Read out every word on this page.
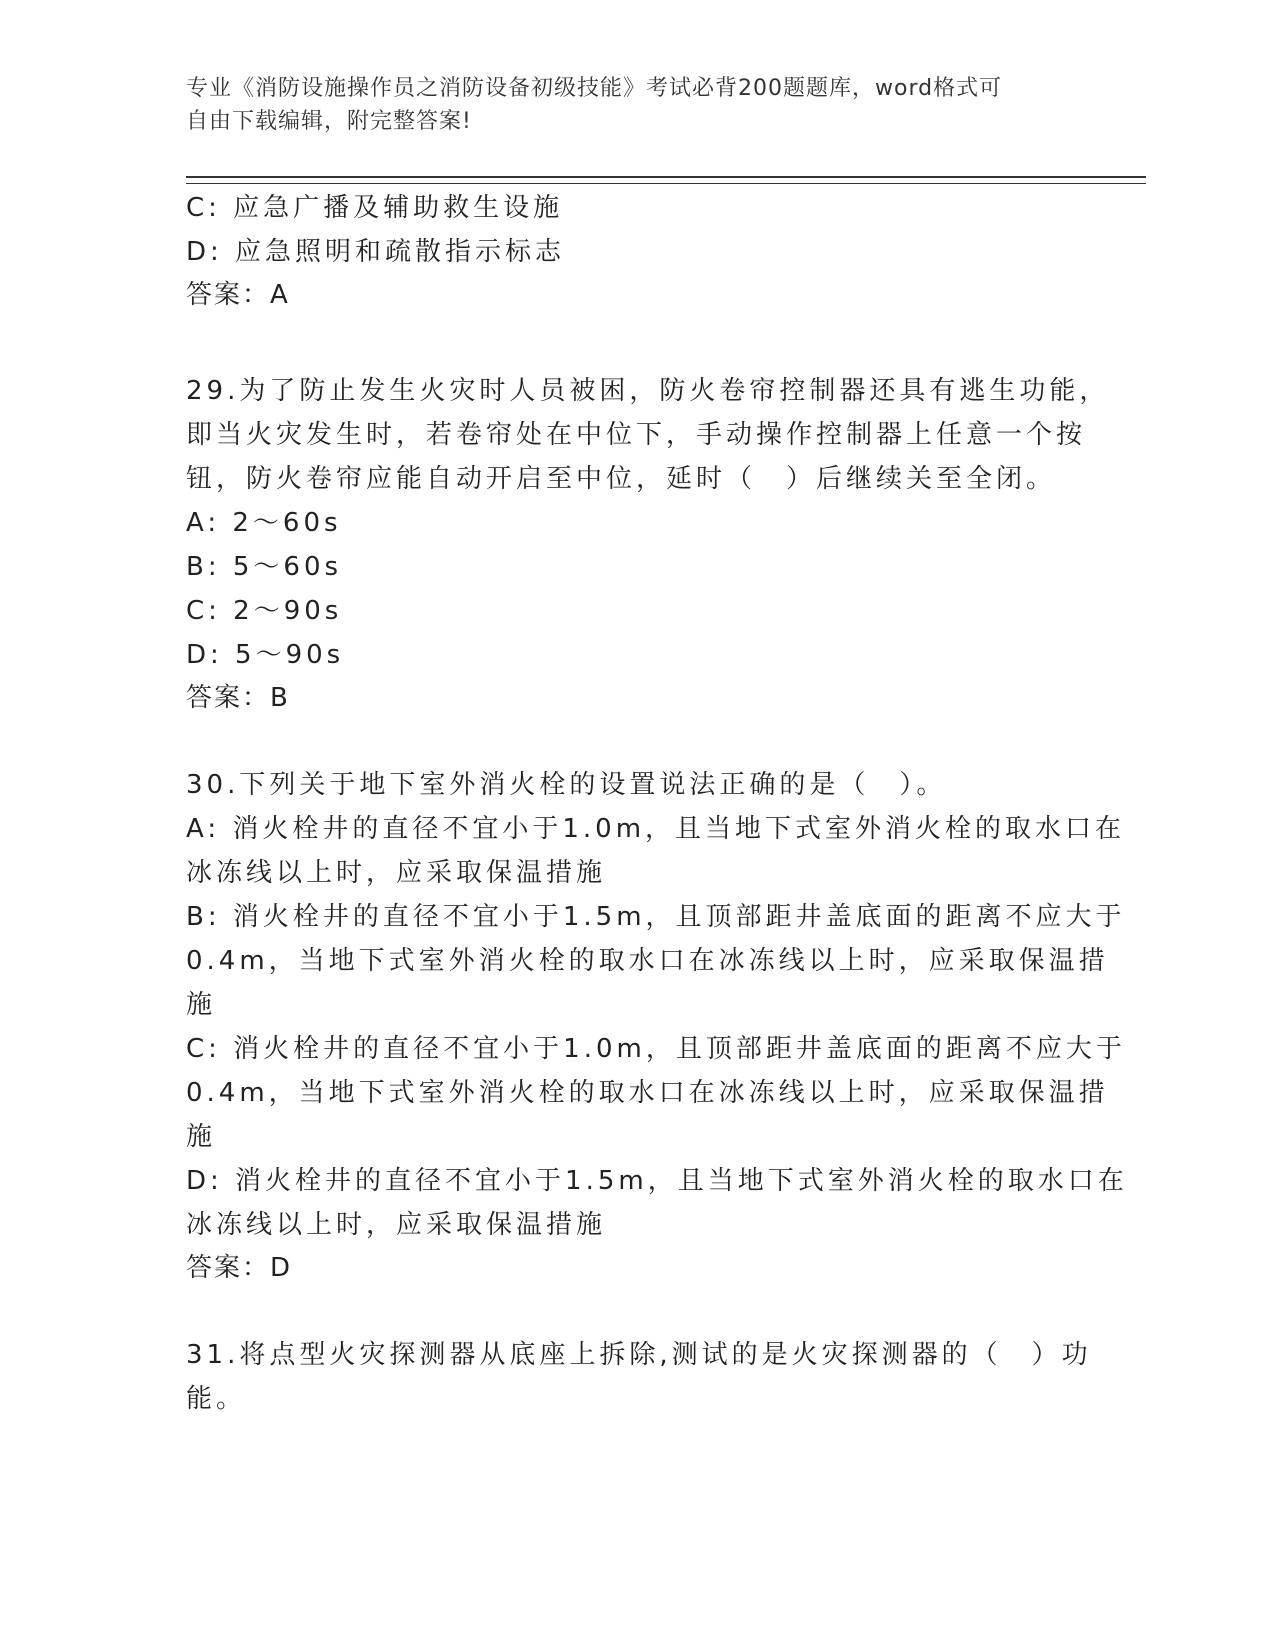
专业《消防设施操作员之消防设备初级技能》考试必背200题题库，word格式可
自由下载编辑，附完整答案!
C: 应急广播及辅助救生设施
D: 应急照明和疏散指示标志
答案：A
29.为了防止发生火灾时人员被困，防火卷帘控制器还具有逃生功能，
即当火灾发生时，若卷帘处在中位下，手动操作控制器上任意一个按
钮，防火卷帘应能自动开启至中位，延时（　）后继续关至全闭。
A: 2～60s
B: 5～60s
C: 2～90s
D: 5～90s
答案：B
30.下列关于地下室外消火栓的设置说法正确的是（　）。
A: 消火栓井的直径不宜小于1.0m，且当地下式室外消火栓的取水口在
冰冻线以上时，应采取保温措施
B: 消火栓井的直径不宜小于1.5m，且顶部距井盖底面的距离不应大于
0.4m，当地下式室外消火栓的取水口在冰冻线以上时，应采取保温措
施
C: 消火栓井的直径不宜小于1.0m，且顶部距井盖底面的距离不应大于
0.4m，当地下式室外消火栓的取水口在冰冻线以上时，应采取保温措
施
D: 消火栓井的直径不宜小于1.5m，且当地下式室外消火栓的取水口在
冰冻线以上时，应采取保温措施
答案：D
31.将点型火灾探测器从底座上拆除,测试的是火灾探测器的（　）功
能。
